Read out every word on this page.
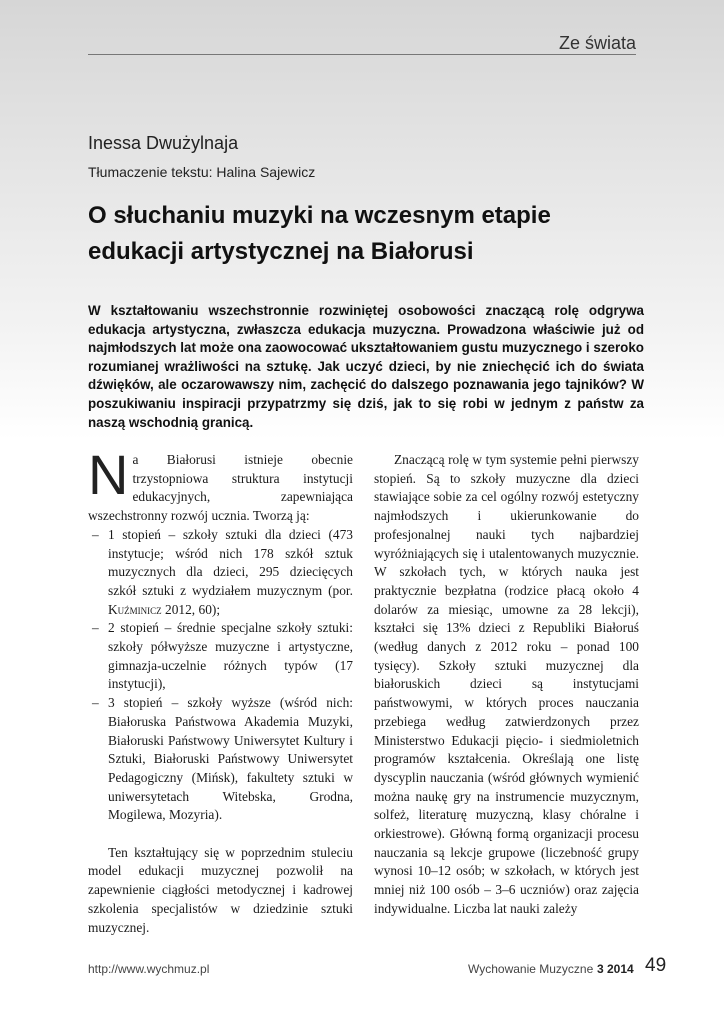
Ze świata
Inessa Dwużylnaja
Tłumaczenie tekstu: Halina Sajewicz
O słuchaniu muzyki na wczesnym etapie edukacji artystycznej na Białorusi

W kształtowaniu wszechstronnie rozwiniętej osobowości znaczącą rolę odgrywa edukacja artystyczna, zwłaszcza edukacja muzyczna. Prowadzona właściwie już od najmłodszych lat może ona zaowocować ukształtowaniem gustu muzycznego i szeroko rozumianej wrażliwości na sztukę. Jak uczyć dzieci, by nie zniechęcić ich do świata dźwięków, ale oczarowawszy nim, zachęcić do dalszego poznawania jego tajników? W poszukiwaniu inspiracji przypatrzmy się dziś, jak to się robi w jednym z państw za naszą wschodnią granicą.

Na Białorusi istnieje obecnie trzystopniowa struktura instytucji edukacyjnych, zapewniająca wszechstronny rozwój ucznia. Tworzą ją:

– 1 stopień – szkoły sztuki dla dzieci (473 instytucje; wśród nich 178 szkół sztuk muzycznych dla dzieci, 295 dziecięcych szkół sztuki z wydziałem muzycznym (por. Kuźminicz 2012, 60);
– 2 stopień – średnie specjalne szkoły sztuki: szkoły półwyższe muzyczne i artystyczne, gimnazja-uczelnie różnych typów (17 instytucji),
– 3 stopień – szkoły wyższe (wśród nich: Białoruska Państwowa Akademia Muzyki, Białoruski Państwowy Uniwersytet Kultury i Sztuki, Białoruski Państwowy Uniwersytet Pedagogiczny (Mińsk), fakultety sztuki w uniwersytetach Witebska, Grodna, Mogilewa, Mozyria).

Ten kształtujący się w poprzednim stuleciu model edukacji muzycznej pozwolił na zapewnienie ciągłości metodycznej i kadrowej szkolenia specjalistów w dziedzinie sztuki muzycznej.

Znaczącą rolę w tym systemie pełni pierwszy stopień. Są to szkoły muzyczne dla dzieci stawiające sobie za cel ogólny rozwój estetyczny najmłodszych i ukierunkowanie do profesjonalnej nauki tych najbardziej wyróżniających się i utalentowanych muzycznie. W szkołach tych, w których nauka jest praktycznie bezpłatna (rodzice płacą około 4 dolarów za miesiąc, umowne za 28 lekcji), kształci się 13% dzieci z Republiki Białoruś (według danych z 2012 roku – ponad 100 tysięcy). Szkoły sztuki muzycznej dla białoruskich dzieci są instytucjami państwowymi, w których proces nauczania przebiega według zatwierdzonych przez Ministerstwo Edukacji pięcio- i siedmioletnich programów kształcenia. Określają one listę dyscyplin nauczania (wśród głównych wymienić można naukę gry na instrumencie muzycznym, solfeż, literaturę muzyczną, klasy chóralne i orkiestrowe). Główną formą organizacji procesu nauczania są lekcje grupowe (liczebność grupy wynosi 10–12 osób; w szkołach, w których jest mniej niż 100 osób – 3–6 uczniów) oraz zajęcia indywidualne. Liczba lat nauki zależy

http://www.wychmuz.pl	Wychowanie Muzyczne 3 2014 49
